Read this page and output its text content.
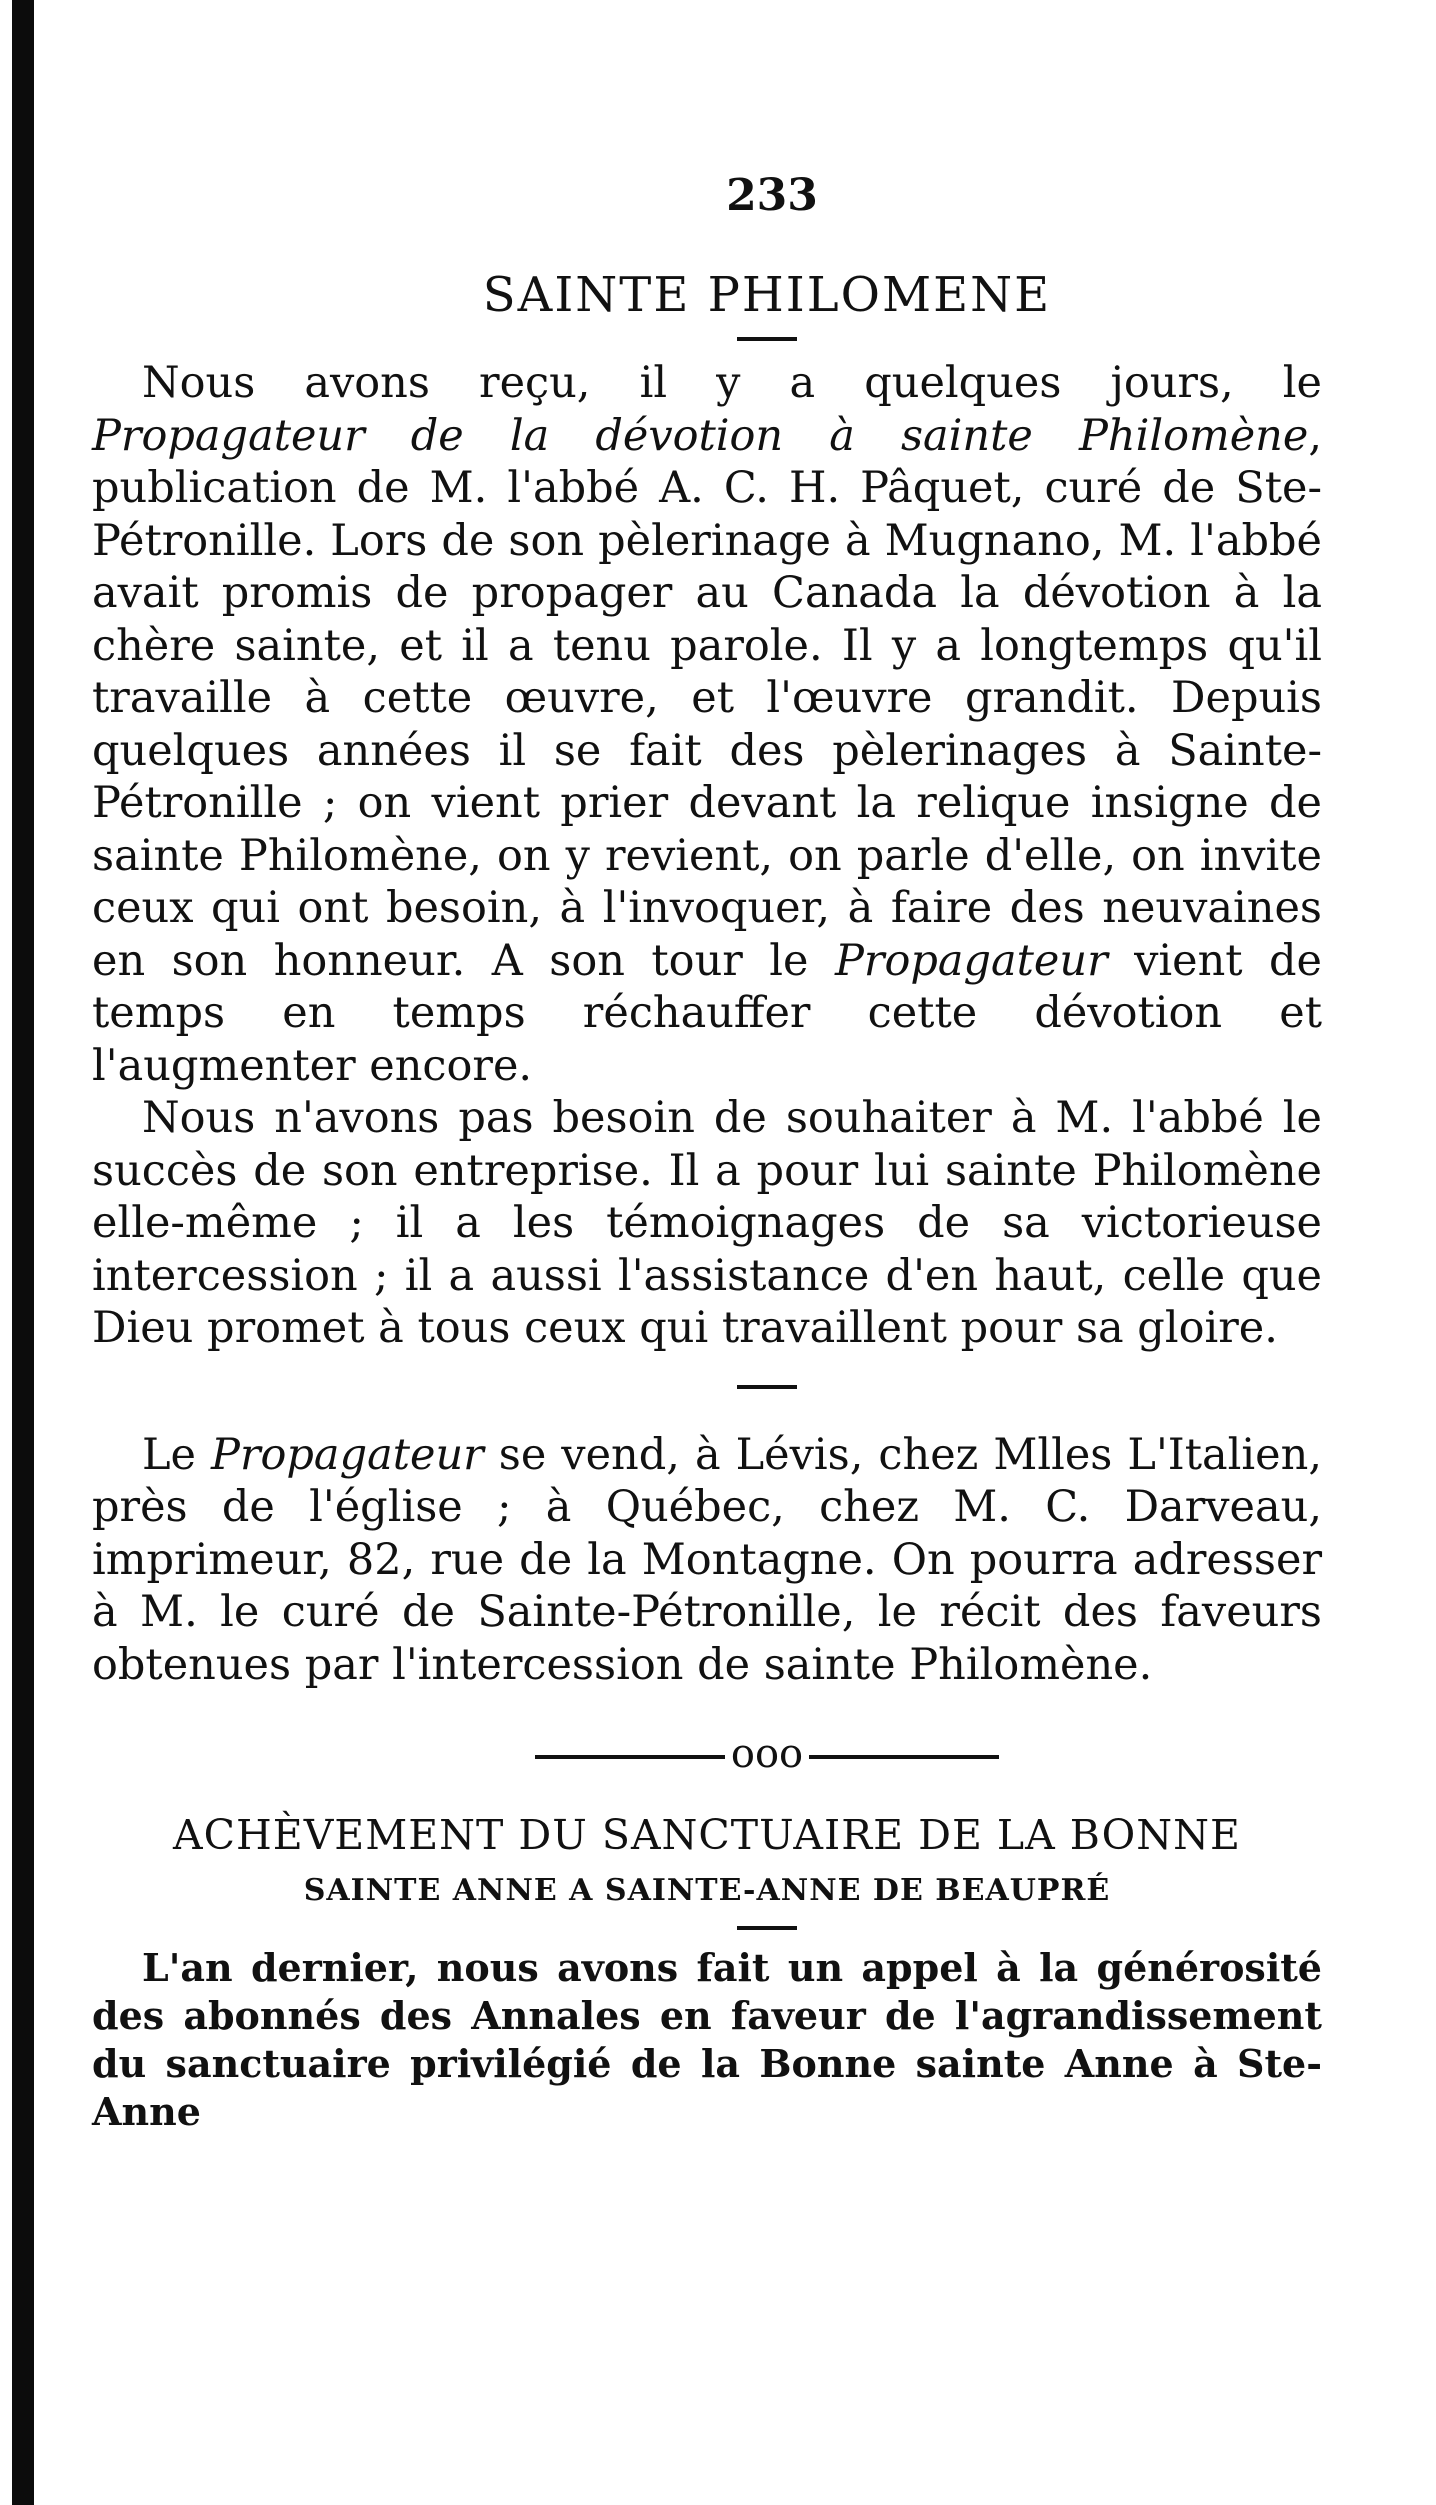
233
SAINTE PHILOMENE

Nous avons reçu, il y a quelques jours, le Propagateur de la dévotion à sainte Philomène, publication de M. l'abbé A. C. H. Pâquet, curé de Ste-Pétronille. Lors de son pèlerinage à Mugnano, M. l'abbé avait promis de propager au Canada la dévotion à la chère sainte, et il a tenu parole. Il y a longtemps qu'il travaille à cette œuvre, et l'œuvre grandit. Depuis quelques années il se fait des pèlerinages à Sainte-Pétronille ; on vient prier devant la relique insigne de sainte Philomène, on y revient, on parle d'elle, on invite ceux qui ont besoin, à l'invoquer, à faire des neuvaines en son honneur. A son tour le Propagateur vient de temps en temps réchauffer cette dévotion et l'augmenter encore.

Nous n'avons pas besoin de souhaiter à M. l'abbé le succès de son entreprise. Il a pour lui sainte Philomène elle-même ; il a les témoignages de sa victorieuse intercession ; il a aussi l'assistance d'en haut, celle que Dieu promet à tous ceux qui travaillent pour sa gloire.

Le Propagateur se vend, à Lévis, chez Mlles L'Italien, près de l'église ; à Québec, chez M. C. Darveau, imprimeur, 82, rue de la Montagne. On pourra adresser à M. le curé de Sainte-Pétronille, le récit des faveurs obtenues par l'intercession de sainte Philomène.

ooo
ACHÈVEMENT DU SANCTUAIRE DE LA BONNE
SAINTE ANNE A SAINTE-ANNE DE BEAUPRÉ

L'an dernier, nous avons fait un appel à la générosité des abonnés des Annales en faveur de l'agrandissement du sanctuaire privilégié de la Bonne sainte Anne à Ste-Anne
